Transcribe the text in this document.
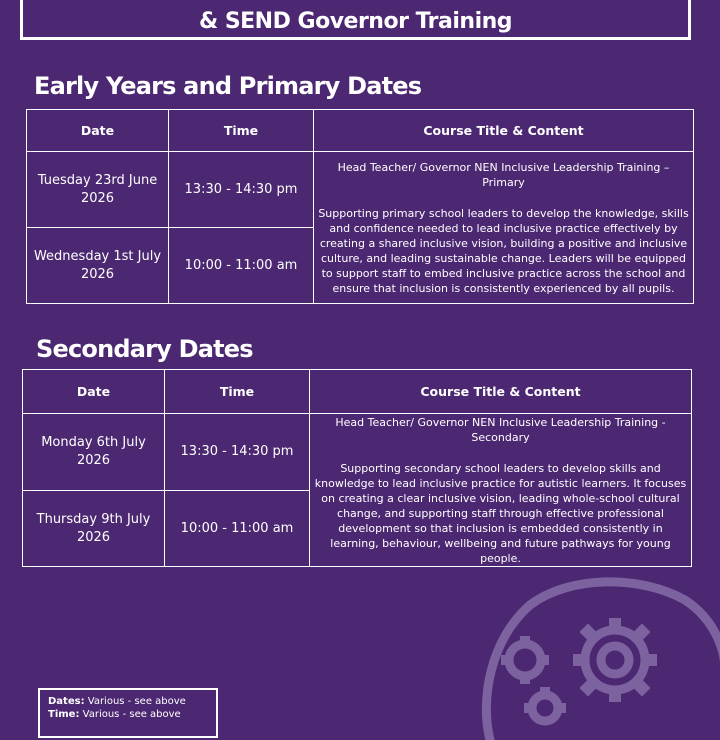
& SEND Governor Training
Early Years and Primary Dates
Date	Time	Course Title & Content
Tuesday 23rd June 2026	13:30 - 14:30 pm	Head Teacher/ Governor NEN Inclusive Leadership Training – Primary

Supporting primary school leaders to develop the knowledge, skills and confidence needed to lead inclusive practice effectively by creating a shared inclusive vision, building a positive and inclusive culture, and leading sustainable change. Leaders will be equipped to support staff to embed inclusive practice across the school and ensure that inclusion is consistently experienced by all pupils.

Wednesday 1st July 2026	10:00 - 11:00 am	
Secondary Dates
Date	Time	Course Title & Content
Monday 6th July 2026	13:30 - 14:30 pm	Head Teacher/ Governor NEN Inclusive Leadership Training - Secondary

Supporting secondary school leaders to develop skills and knowledge to lead inclusive practice for autistic learners. It focuses on creating a clear inclusive vision, leading whole-school cultural change, and supporting staff through effective professional development so that inclusion is embedded consistently in learning, behaviour, wellbeing and future pathways for young people.

Thursday 9th July 2026	10:00 - 11:00 am	
Dates: Various - see above
Time: Various - see above
